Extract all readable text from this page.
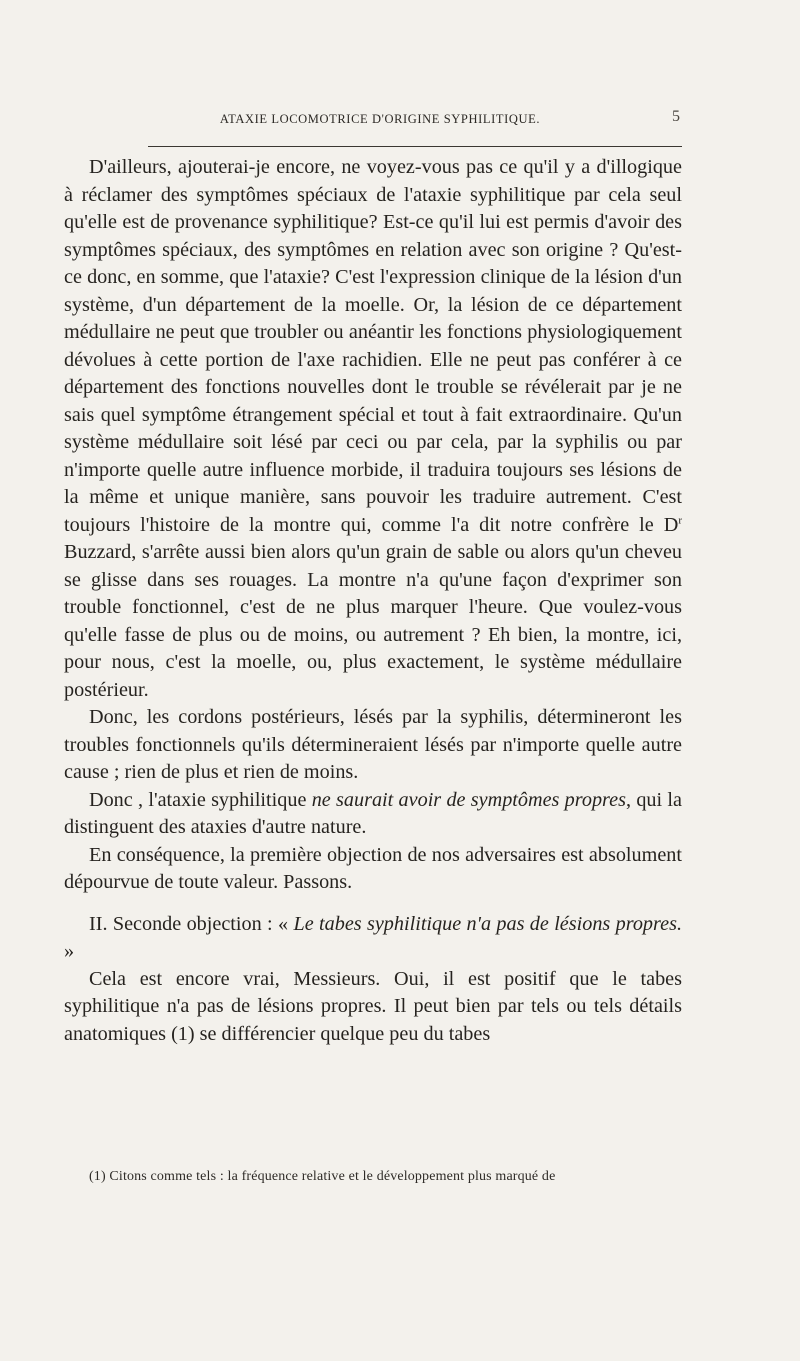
ATAXIE LOCOMOTRICE D'ORIGINE SYPHILITIQUE.	5

D'ailleurs, ajouterai-je encore, ne voyez-vous pas ce qu'il y a d'illogique à réclamer des symptômes spéciaux de l'ataxie syphilitique par cela seul qu'elle est de provenance syphilitique? Est-ce qu'il lui est permis d'avoir des symptômes spéciaux, des symptômes en relation avec son origine ? Qu'est-ce donc, en somme, que l'ataxie? C'est l'expression clinique de la lésion d'un système, d'un département de la moelle. Or, la lésion de ce département médullaire ne peut que troubler ou anéantir les fonctions physiologiquement dévolues à cette portion de l'axe rachidien. Elle ne peut pas conférer à ce département des fonctions nouvelles dont le trouble se révélerait par je ne sais quel symptôme étrangement spécial et tout à fait extraordinaire. Qu'un système médullaire soit lésé par ceci ou par cela, par la syphilis ou par n'importe quelle autre influence morbide, il traduira toujours ses lésions de la même et unique manière, sans pouvoir les traduire autrement. C'est toujours l'histoire de la montre qui, comme l'a dit notre confrère le $D^r$ Buzzard, s'arrête aussi bien alors qu'un grain de sable ou alors qu'un cheveu se glisse dans ses rouages. La montre n'a qu'une façon d'exprimer son trouble fonctionnel, c'est de ne plus marquer l'heure. Que voulez-vous qu'elle fasse de plus ou de moins, ou autrement ? Eh bien, la montre, ici, pour nous, c'est la moelle, ou, plus exactement, le système médullaire postérieur.

Donc, les cordons postérieurs, lésés par la syphilis, détermineront les troubles fonctionnels qu'ils détermineraient lésés par n'importe quelle autre cause ; rien de plus et rien de moins.

Donc , l'ataxie syphilitique ne saurait avoir de symptômes propres, qui la distinguent des ataxies d'autre nature.

En conséquence, la première objection de nos adversaires est absolument dépourvue de toute valeur. Passons.

II. Seconde objection : « Le tabes syphilitique n'a pas de lésions propres. »

Cela est encore vrai, Messieurs. Oui, il est positif que le tabes syphilitique n'a pas de lésions propres. Il peut bien par tels ou tels détails anatomiques (1) se différencier quelque peu du tabes

(1) Citons comme tels : la fréquence relative et le développement plus marqué de
